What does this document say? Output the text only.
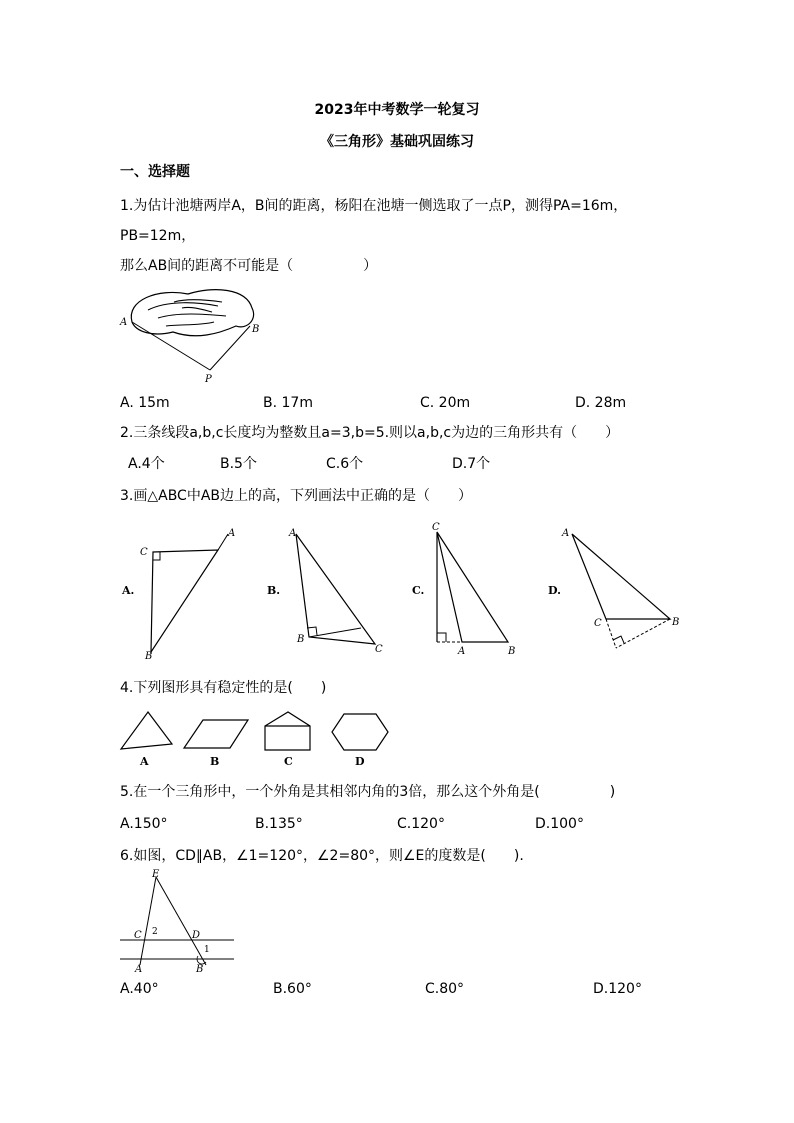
2023年中考数学一轮复习
《三角形》基础巩固练习
一、选择题
1.为估计池塘两岸A，B间的距离，杨阳在池塘一侧选取了一点P，测得PA=16m，
PB=12m，
那么AB间的距离不可能是（　　　　　）
A
B
P
A. 15m	B. 17m	C. 20m	D. 28m
2.三条线段a,b,c长度均为整数且a=3,b=5.则以a,b,c为边的三角形共有（　　）
A.4个	B.5个	C.6个	D.7个
3.画△ABC中AB边上的高，下列画法中正确的是（　　）
A.
A
C
B
B.
A
B
C
C.
C
A	B
D.
A
C	B
4.下列图形具有稳定性的是(　　)
A	B	C	D
5.在一个三角形中，一个外角是其相邻内角的3倍，那么这个外角是(　　　　　)
A.150°	B.135°	C.120°	D.100°
6.如图，CD∥AB，∠1=120°，∠2=80°，则∠E的度数是(　　).
E
C 2	D
1
A	B
A.40°	B.60°	C.80°	D.120°
